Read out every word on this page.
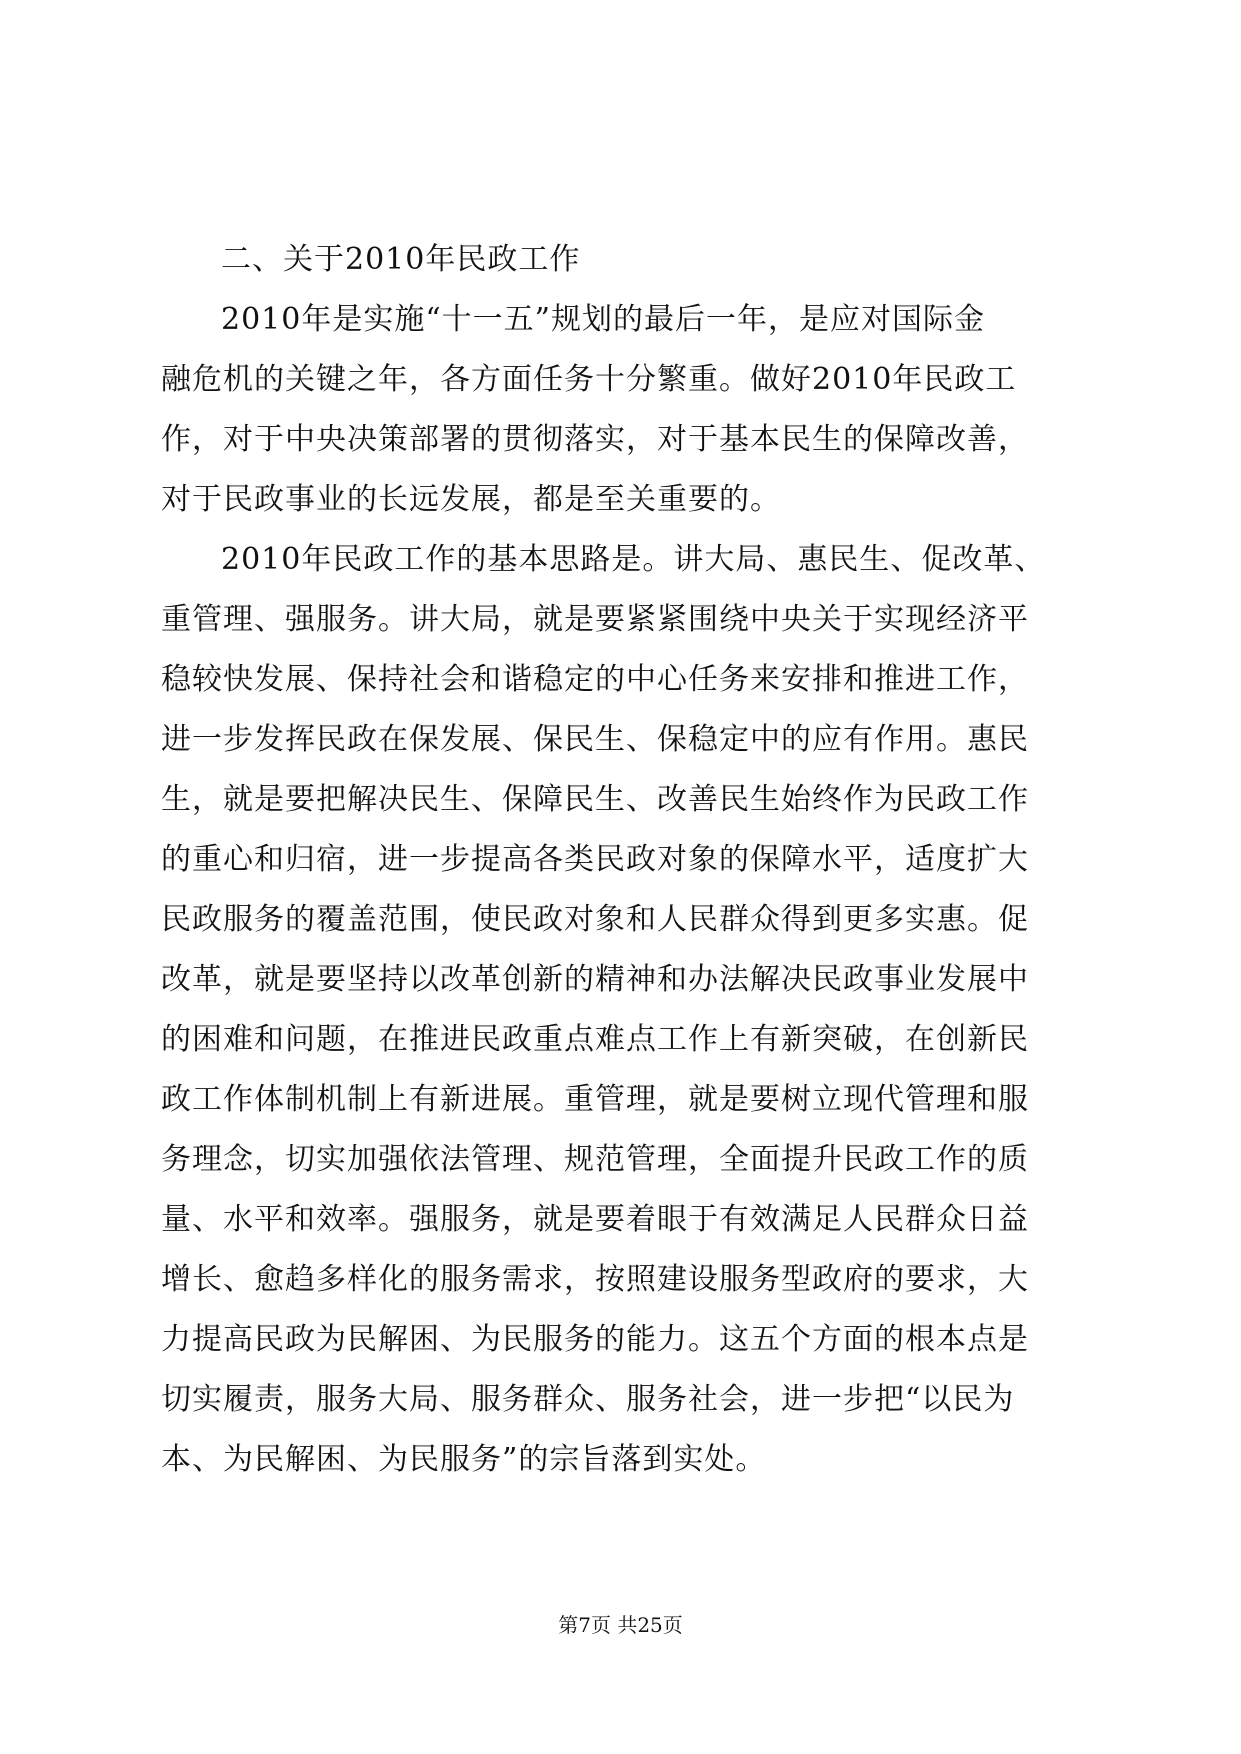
二、关于2010年民政工作

2010年是实施“十一五”规划的最后一年，是应对国际金
融危机的关键之年，各方面任务十分繁重。做好2010年民政工
作，对于中央决策部署的贯彻落实，对于基本民生的保障改善，
对于民政事业的长远发展，都是至关重要的。

2010年民政工作的基本思路是。讲大局、惠民生、促改革、
重管理、强服务。讲大局，就是要紧紧围绕中央关于实现经济平
稳较快发展、保持社会和谐稳定的中心任务来安排和推进工作，
进一步发挥民政在保发展、保民生、保稳定中的应有作用。惠民
生，就是要把解决民生、保障民生、改善民生始终作为民政工作
的重心和归宿，进一步提高各类民政对象的保障水平，适度扩大
民政服务的覆盖范围，使民政对象和人民群众得到更多实惠。促
改革，就是要坚持以改革创新的精神和办法解决民政事业发展中
的困难和问题，在推进民政重点难点工作上有新突破，在创新民
政工作体制机制上有新进展。重管理，就是要树立现代管理和服
务理念，切实加强依法管理、规范管理，全面提升民政工作的质
量、水平和效率。强服务，就是要着眼于有效满足人民群众日益
增长、愈趋多样化的服务需求，按照建设服务型政府的要求，大
力提高民政为民解困、为民服务的能力。这五个方面的根本点是
切实履责，服务大局、服务群众、服务社会，进一步把“以民为
本、为民解困、为民服务”的宗旨落到实处。

第7页 共25页
